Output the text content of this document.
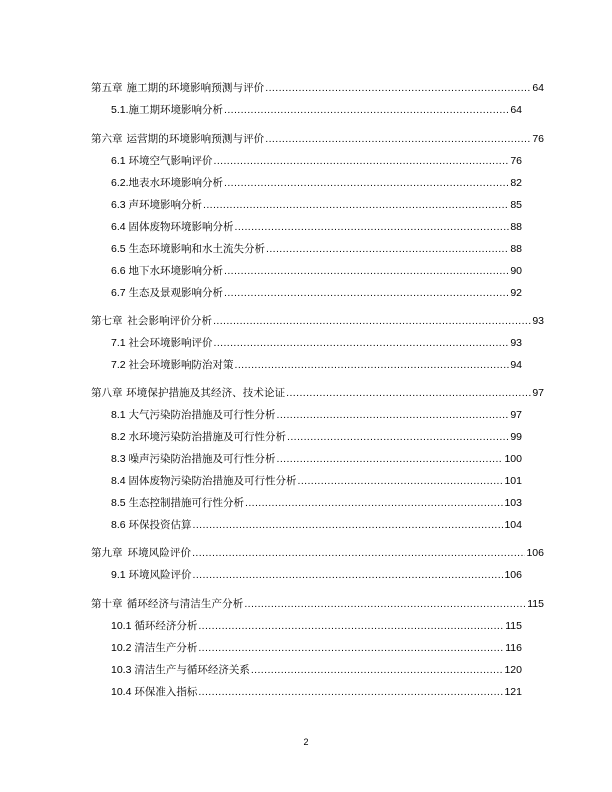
第五章 施工期的环境影响预测与评价 .....	64
5.1.施工期环境影响分析 .....	64
第六章 运营期的环境影响预测与评价 .....	76
6.1 环境空气影响评价 .....	76
6.2.地表水环境影响分析 .....	82
6.3 声环境影响分析 .....	85
6.4 固体废物环境影响分析 .....	88
6.5 生态环境影响和水土流失分析 .....	88
6.6 地下水环境影响分析 .....	90
6.7 生态及景观影响分析 .....	92
第七章 社会影响评价分析 .....	93
7.1 社会环境影响评价 .....	93
7.2 社会环境影响防治对策 .....	94
第八章 环境保护措施及其经济、技术论证 .....	97
8.1 大气污染防治措施及可行性分析 .....	97
8.2 水环境污染防治措施及可行性分析 .....	99
8.3 噪声污染防治措施及可行性分析 .....	100
8.4 固体废物污染防治措施及可行性分析 .....	101
8.5 生态控制措施可行性分析 .....	103
8.6 环保投资估算 .....	104
第九章 环境风险评价 .....	106
9.1 环境风险评价 .....	106
第十章 循环经济与清洁生产分析 .....	115
10.1 循环经济分析 .....	115
10.2 清洁生产分析 .....	116
10.3 清洁生产与循环经济关系 .....	120
10.4 环保准入指标 .....	121
2
